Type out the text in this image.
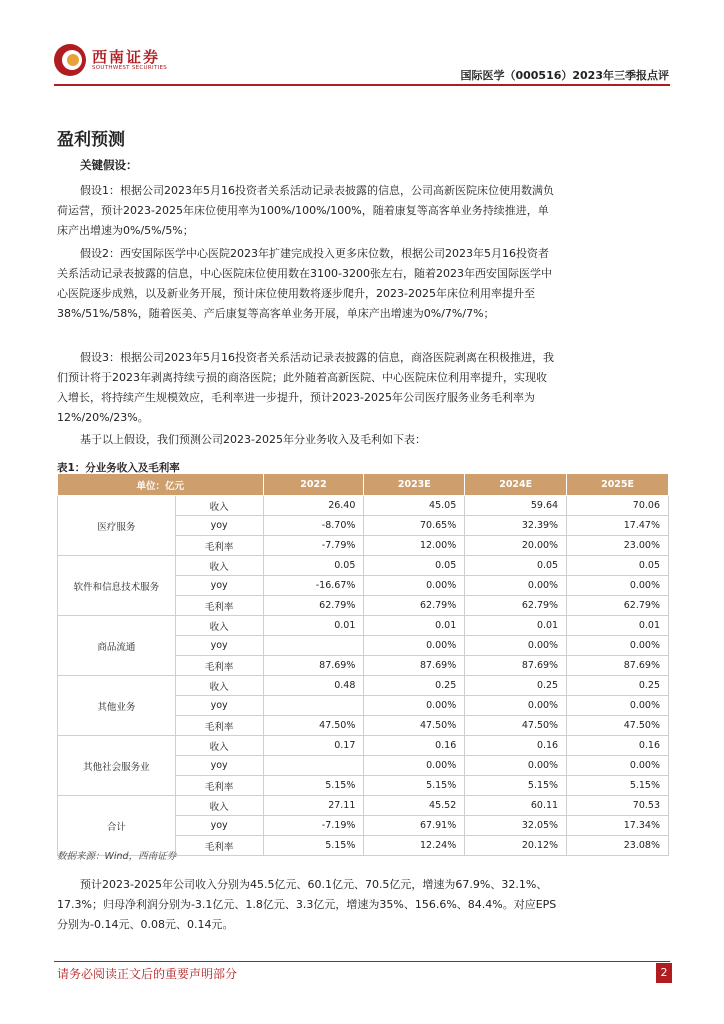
西南证券
SOUTHWEST SECURITIES
国际医学（000516）2023年三季报点评
盈利预测
关键假设：
假设1：根据公司2023年5月16投资者关系活动记录表披露的信息，公司高新医院床位使用数满负荷运营，预计2023-2025年床位使用率为100%/100%/100%，随着康复等高客单业务持续推进，单床产出增速为0%/5%/5%；
假设2：西安国际医学中心医院2023年扩建完成投入更多床位数，根据公司2023年5月16投资者关系活动记录表披露的信息，中心医院床位使用数在3100-3200张左右，随着2023年西安国际医学中心医院逐步成熟，以及新业务开展，预计床位使用数将逐步爬升，2023-2025年床位利用率提升至38%/51%/58%，随着医美、产后康复等高客单业务开展，单床产出增速为0%/7%/7%；
假设3：根据公司2023年5月16投资者关系活动记录表披露的信息，商洛医院剥离在积极推进，我们预计将于2023年剥离持续亏损的商洛医院；此外随着高新医院、中心医院床位利用率提升，实现收入增长，将持续产生规模效应，毛利率进一步提升，预计2023-2025年公司医疗服务业务毛利率为12%/20%/23%。
基于以上假设，我们预测公司2023-2025年分业务收入及毛利如下表：
表1：分业务收入及毛利率
单位：亿元		2022	2023E	2024E	2025E
医疗服务	收入	26.40	45.05	59.64	70.06
	yoy	-8.70%	70.65%	32.39%	17.47%
	毛利率	-7.79%	12.00%	20.00%	23.00%
软件和信息技术服务	收入	0.05	0.05	0.05	0.05
	yoy	-16.67%	0.00%	0.00%	0.00%
	毛利率	62.79%	62.79%	62.79%	62.79%
商品流通	收入	0.01	0.01	0.01	0.01
	yoy		0.00%	0.00%	0.00%
	毛利率	87.69%	87.69%	87.69%	87.69%
其他业务	收入	0.48	0.25	0.25	0.25
	yoy		0.00%	0.00%	0.00%
	毛利率	47.50%	47.50%	47.50%	47.50%
其他社会服务业	收入	0.17	0.16	0.16	0.16
	yoy		0.00%	0.00%	0.00%
	毛利率	5.15%	5.15%	5.15%	5.15%
合计	收入	27.11	45.52	60.11	70.53
	yoy	-7.19%	67.91%	32.05%	17.34%
	毛利率	5.15%	12.24%	20.12%	23.08%
数据来源：Wind，西南证券
预计2023-2025年公司收入分别为45.5亿元、60.1亿元、70.5亿元，增速为67.9%、32.1%、17.3%；归母净利润分别为-3.1亿元、1.8亿元、3.3亿元，增速为35%、156.6%、84.4%。对应EPS分别为-0.14元、0.08元、0.14元。
请务必阅读正文后的重要声明部分	2
